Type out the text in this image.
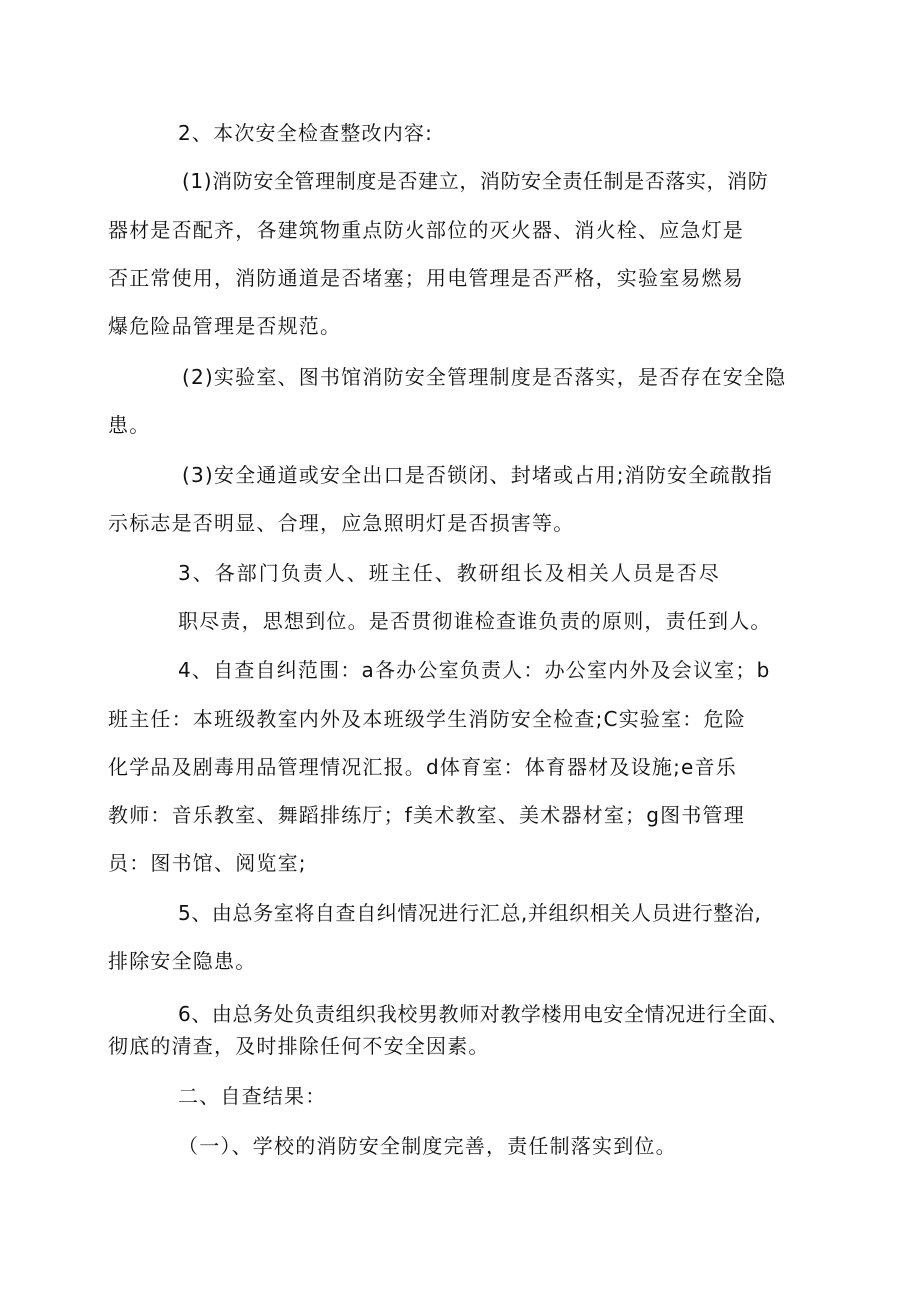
2、本次安全检查整改内容:

(1)消防安全管理制度是否建立，消防安全责任制是否落实，消防

器材是否配齐，各建筑物重点防火部位的灭火器、消火栓、应急灯是

否正常使用，消防通道是否堵塞；用电管理是否严格，实验室易燃易

爆危险品管理是否规范。

(2)实验室、图书馆消防安全管理制度是否落实，是否存在安全隐

患。

(3)安全通道或安全出口是否锁闭、封堵或占用;消防安全疏散指

示标志是否明显、合理，应急照明灯是否损害等。

3、各部门负责人、班主任、教研组长及相关人员是否尽

职尽责，思想到位。是否贯彻谁检查谁负责的原则，责任到人。

4、自查自纠范围：a各办公室负责人：办公室内外及会议室；b

班主任：本班级教室内外及本班级学生消防安全检查;C实验室：危险

化学品及剧毒用品管理情况汇报。d体育室：体育器材及设施;e音乐

教师：音乐教室、舞蹈排练厅；f美术教室、美术器材室；g图书管理

员：图书馆、阅览室;

5、由总务室将自查自纠情况进行汇总,并组织相关人员进行整治,

排除安全隐患。

6、由总务处负责组织我校男教师对教学楼用电安全情况进行全面、

彻底的清查，及时排除任何不安全因素。

二、自查结果：

（一）、学校的消防安全制度完善，责任制落实到位。
